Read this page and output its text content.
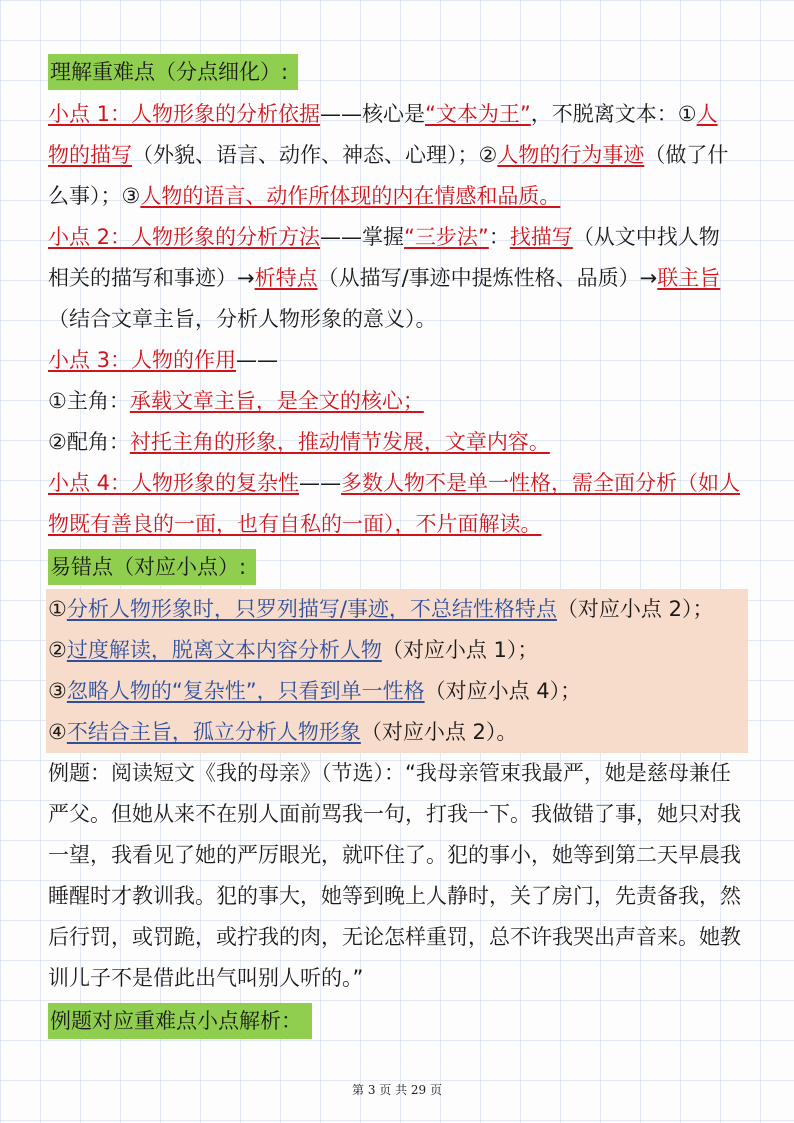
理解重难点（分点细化）:
小点 1：人物形象的分析依据——核心是“文本为王”，不脱离文本：①人
物的描写（外貌、语言、动作、神态、心理）；②人物的行为事迹（做了什
么事）；③人物的语言、动作所体现的内在情感和品质。
小点 2：人物形象的分析方法——掌握“三步法”：找描写（从文中找人物
相关的描写和事迹）→析特点（从描写/事迹中提炼性格、品质）→联主旨
（结合文章主旨，分析人物形象的意义）。
小点 3：人物的作用——
①主角：承载文章主旨，是全文的核心；
②配角：衬托主角的形象，推动情节发展，文章内容。
小点 4：人物形象的复杂性——多数人物不是单一性格，需全面分析（如人
物既有善良的一面，也有自私的一面），不片面解读。
易错点（对应小点）:
①分析人物形象时，只罗列描写/事迹，不总结性格特点（对应小点 2）；
②过度解读，脱离文本内容分析人物（对应小点 1）；
③忽略人物的“复杂性”，只看到单一性格（对应小点 4）；
④不结合主旨，孤立分析人物形象（对应小点 2）。
例题：阅读短文《我的母亲》（节选）：“我母亲管束我最严，她是慈母兼任
严父。但她从来不在别人面前骂我一句，打我一下。我做错了事，她只对我
一望，我看见了她的严厉眼光，就吓住了。犯的事小，她等到第二天早晨我
睡醒时才教训我。犯的事大，她等到晚上人静时，关了房门，先责备我，然
后行罚，或罚跪，或拧我的肉，无论怎样重罚，总不许我哭出声音来。她教
训儿子不是借此出气叫别人听的。”
例题对应重难点小点解析：
第 3 页 共 29 页
